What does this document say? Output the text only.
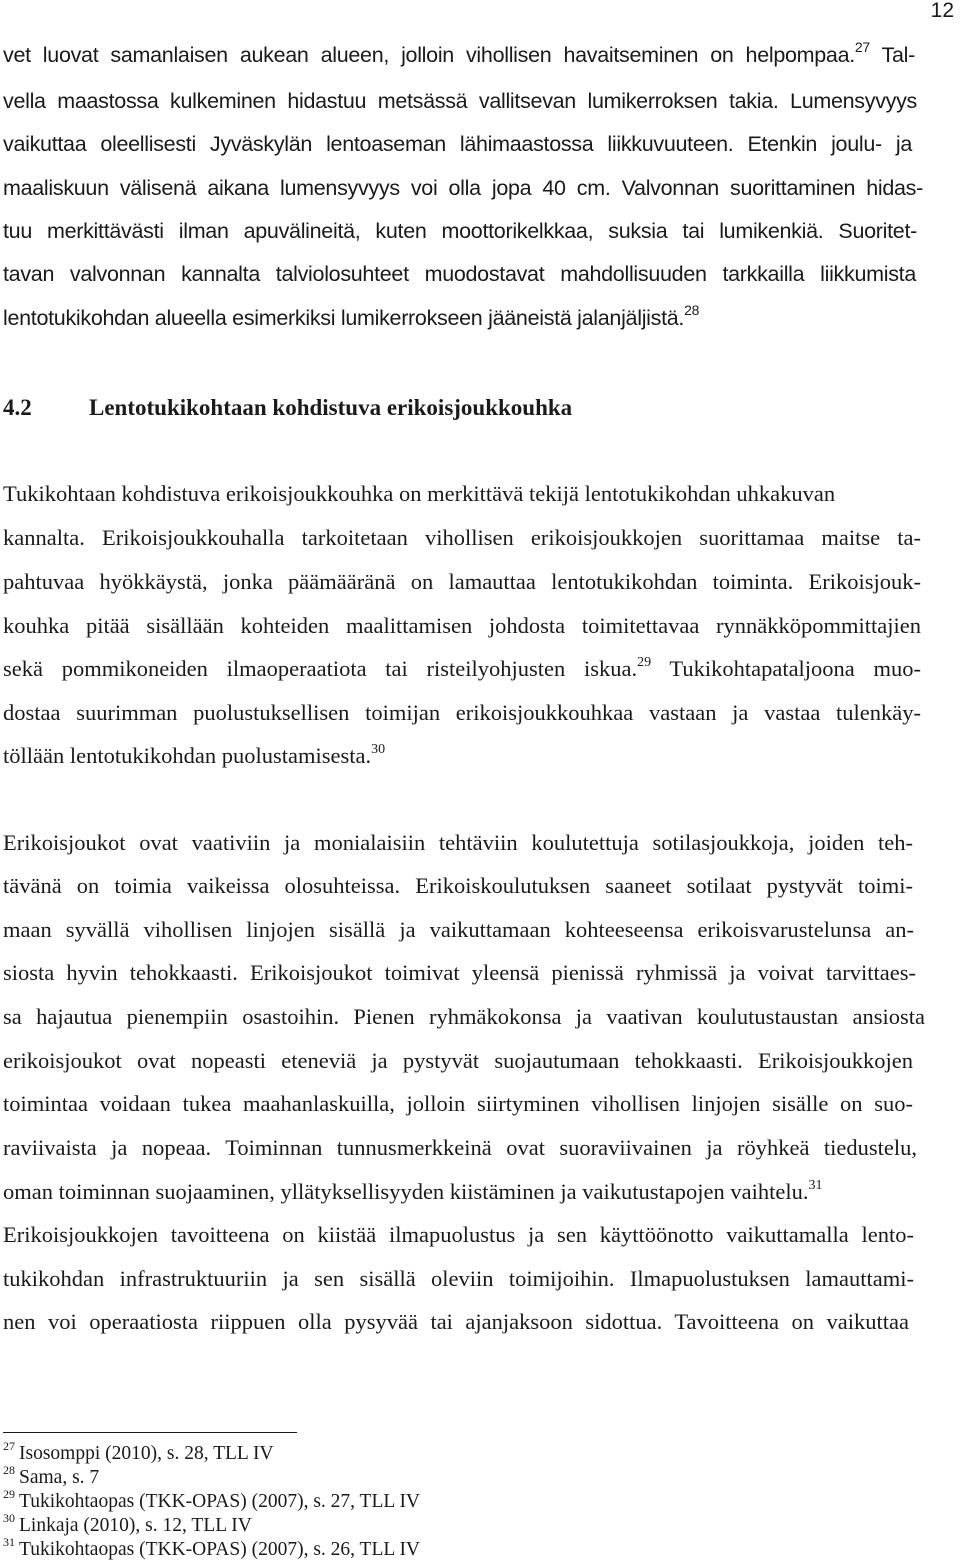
12
vet luovat samanlaisen aukean alueen, jolloin vihollisen havaitseminen on helpompaa.$^{27}$ Tal-
vella maastossa kulkeminen hidastuu metsässä vallitsevan lumikerroksen takia. Lumensyvyys
vaikuttaa oleellisesti Jyväskylän lentoaseman lähimaastossa liikkuvuuteen. Etenkin joulu- ja
maaliskuun välisenä aikana lumensyvyys voi olla jopa 40 cm. Valvonnan suorittaminen hidas-
tuu merkittävästi ilman apuvälineitä, kuten moottorikelkkaa, suksia tai lumikenkiä. Suoritet-
tavan valvonnan kannalta talviolosuhteet muodostavat mahdollisuuden tarkkailla liikkumista
lentotukikohdan alueella esimerkiksi lumikerrokseen jääneistä jalanjäljistä.$^{28}$
4.2 Lentotukikohtaan kohdistuva erikoisjoukkouhka
Tukikohtaan kohdistuva erikoisjoukkouhka on merkittävä tekijä lentotukikohdan uhkakuvan
kannalta. Erikoisjoukkouhalla tarkoitetaan vihollisen erikoisjoukkojen suorittamaa maitse ta-
pahtuvaa hyökkäystä, jonka päämääränä on lamauttaa lentotukikohdan toiminta. Erikoisjouk-
kouhka pitää sisällään kohteiden maalittamisen johdosta toimitettavaa rynnäkköpommittajien
sekä pommikoneiden ilmaoperaatiota tai risteilyohjusten iskua.$^{29}$ Tukikohtapataljoona muo-
dostaa suurimman puolustuksellisen toimijan erikoisjoukkouhkaa vastaan ja vastaa tulenkäy-
töllään lentotukikohdan puolustamisesta.$^{30}$
Erikoisjoukot ovat vaativiin ja monialaisiin tehtäviin koulutettuja sotilasjoukkoja, joiden teh-
tävänä on toimia vaikeissa olosuhteissa. Erikoiskoulutuksen saaneet sotilaat pystyvät toimi-
maan syvällä vihollisen linjojen sisällä ja vaikuttamaan kohteeseensa erikoisvarustelunsa an-
siosta hyvin tehokkaasti. Erikoisjoukot toimivat yleensä pienissä ryhmissä ja voivat tarvittaes-
sa hajautua pienempiin osastoihin. Pienen ryhmäkokonsa ja vaativan koulutustaustan ansiosta
erikoisjoukot ovat nopeasti eteneviä ja pystyvät suojautumaan tehokkaasti. Erikoisjoukkojen
toimintaa voidaan tukea maahanlaskuilla, jolloin siirtyminen vihollisen linjojen sisälle on suo-
raviivaista ja nopeaa. Toiminnan tunnusmerkkeinä ovat suoraviivainen ja röyhkeä tiedustelu,
oman toiminnan suojaaminen, yllätyksellisyyden kiistäminen ja vaikutustapojen vaihtelu.$^{31}$
Erikoisjoukkojen tavoitteena on kiistää ilmapuolustus ja sen käyttöönotto vaikuttamalla lento-
tukikohdan infrastruktuuriin ja sen sisällä oleviin toimijoihin. Ilmapuolustuksen lamauttami-
nen voi operaatiosta riippuen olla pysyvää tai ajanjaksoon sidottua. Tavoitteena on vaikuttaa
$^{27}$ Isosomppi (2010), s. 28, TLL IV
$^{28}$ Sama, s. 7
$^{29}$ Tukikohtaopas (TKK-OPAS) (2007), s. 27, TLL IV
$^{30}$ Linkaja (2010), s. 12, TLL IV
$^{31}$ Tukikohtaopas (TKK-OPAS) (2007), s. 26, TLL IV
